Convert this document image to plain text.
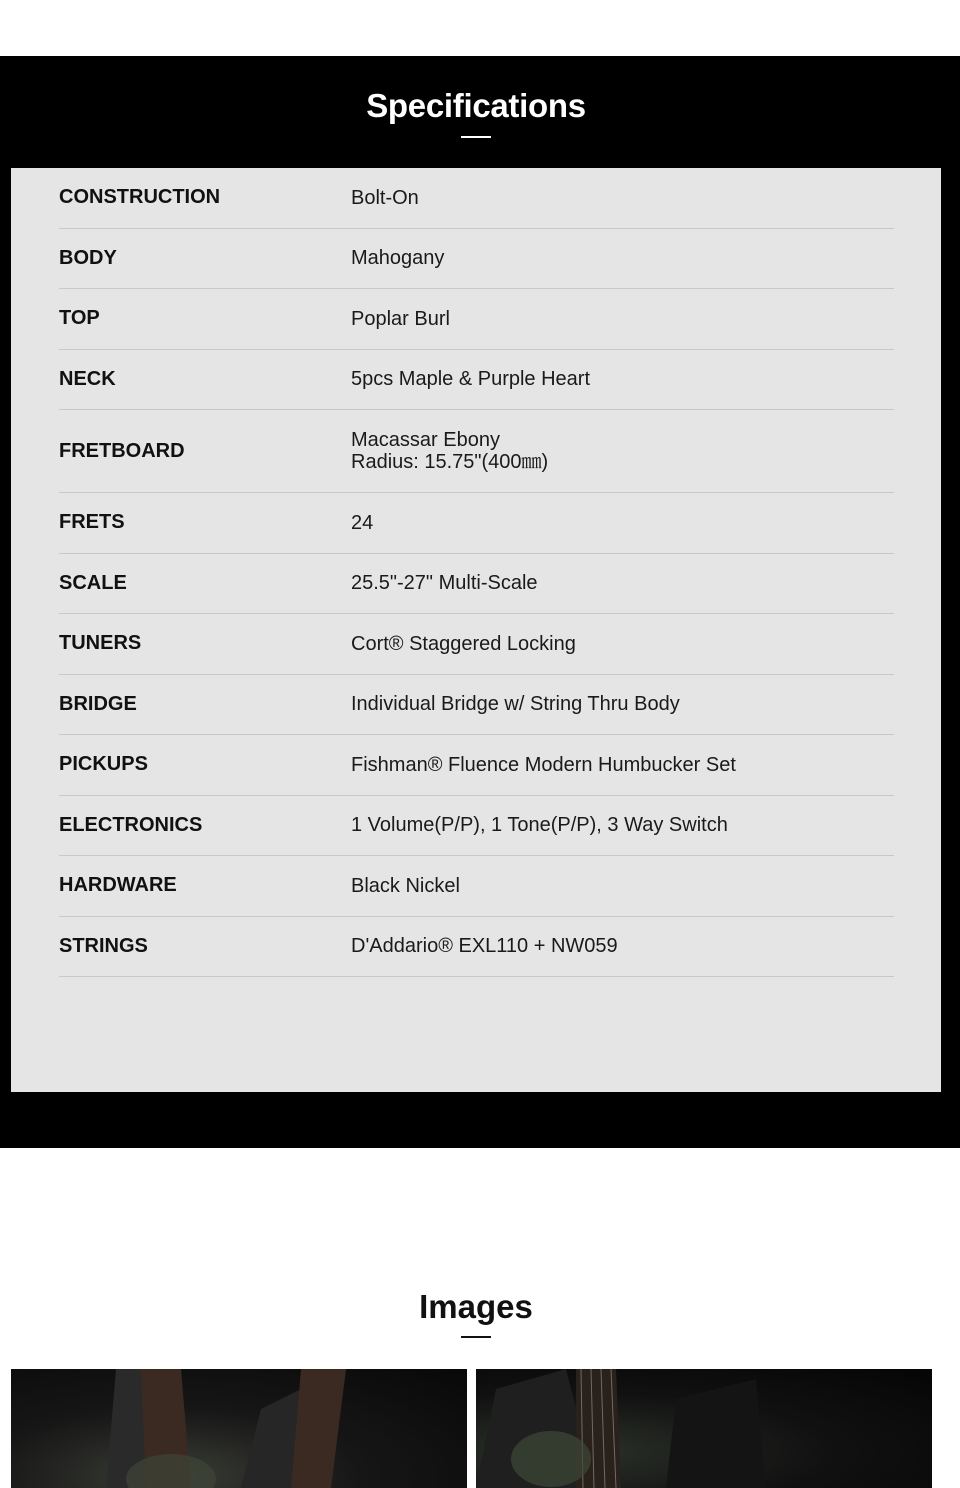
Specifications
CONSTRUCTION	Bolt-On
BODY	Mahogany
TOP	Poplar Burl
NECK	5pcs Maple & Purple Heart
FRETBOARD	Macassar Ebony
Radius: 15.75"(400㎜)
FRETS	24
SCALE	25.5"-27" Multi-Scale
TUNERS	Cort® Staggered Locking
BRIDGE	Individual Bridge w/ String Thru Body
PICKUPS	Fishman® Fluence Modern Humbucker Set
ELECTRONICS	1 Volume(P/P), 1 Tone(P/P), 3 Way Switch
HARDWARE	Black Nickel
STRINGS	D'Addario® EXL110 + NW059
Images
